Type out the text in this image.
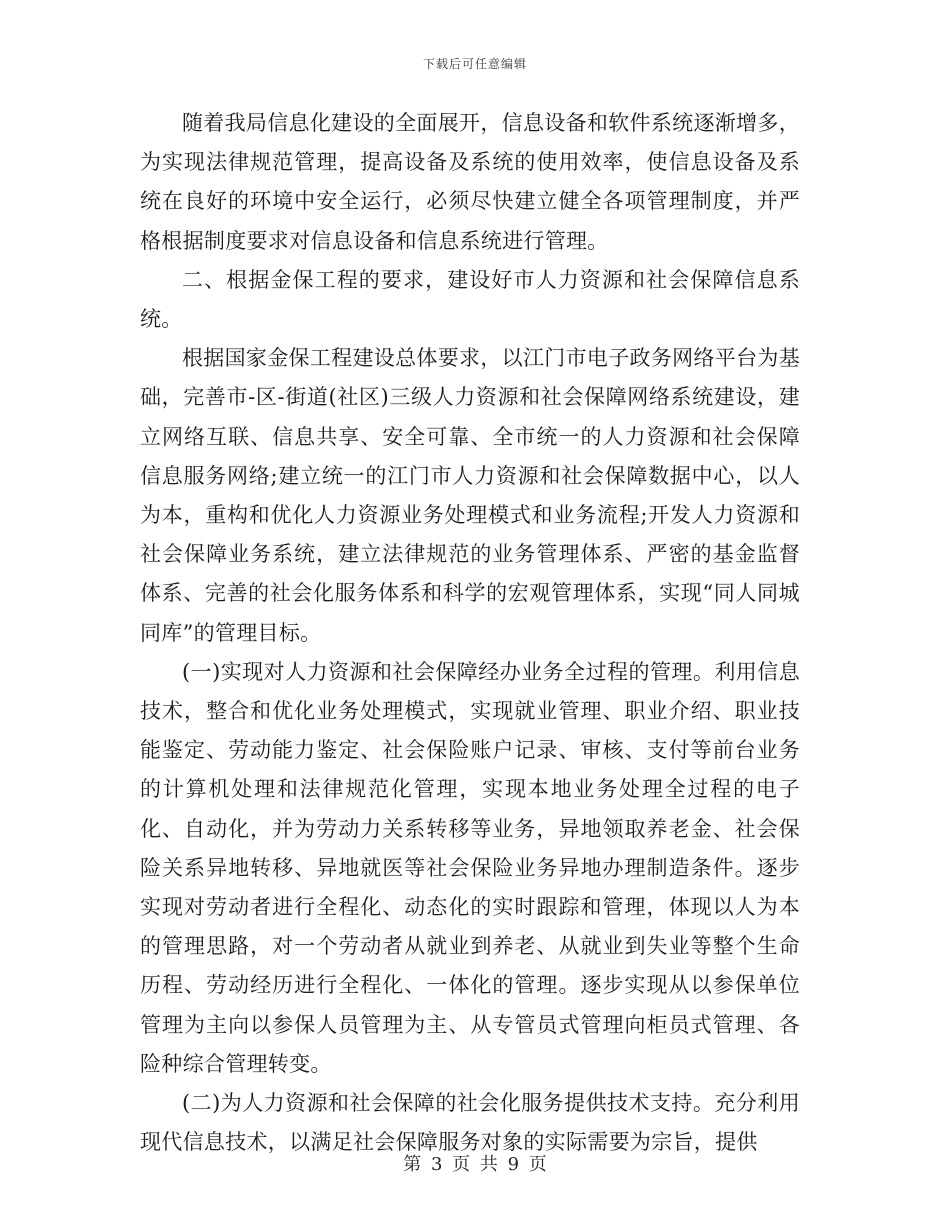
下载后可任意编辑

随着我局信息化建设的全面展开，信息设备和软件系统逐渐增多，为实现法律规范管理，提高设备及系统的使用效率，使信息设备及系统在良好的环境中安全运行，必须尽快建立健全各项管理制度，并严格根据制度要求对信息设备和信息系统进行管理。

二、根据金保工程的要求，建设好市人力资源和社会保障信息系统。

根据国家金保工程建设总体要求，以江门市电子政务网络平台为基础，完善市-区-街道(社区)三级人力资源和社会保障网络系统建设，建立网络互联、信息共享、安全可靠、全市统一的人力资源和社会保障信息服务网络;建立统一的江门市人力资源和社会保障数据中心，以人为本，重构和优化人力资源业务处理模式和业务流程;开发人力资源和社会保障业务系统，建立法律规范的业务管理体系、严密的基金监督体系、完善的社会化服务体系和科学的宏观管理体系，实现“同人同城同库”的管理目标。

(一)实现对人力资源和社会保障经办业务全过程的管理。利用信息技术，整合和优化业务处理模式，实现就业管理、职业介绍、职业技能鉴定、劳动能力鉴定、社会保险账户记录、审核、支付等前台业务的计算机处理和法律规范化管理，实现本地业务处理全过程的电子化、自动化，并为劳动力关系转移等业务，异地领取养老金、社会保险关系异地转移、异地就医等社会保险业务异地办理制造条件。逐步实现对劳动者进行全程化、动态化的实时跟踪和管理，体现以人为本的管理思路，对一个劳动者从就业到养老、从就业到失业等整个生命历程、劳动经历进行全程化、一体化的管理。逐步实现从以参保单位管理为主向以参保人员管理为主、从专管员式管理向柜员式管理、各险种综合管理转变。

(二)为人力资源和社会保障的社会化服务提供技术支持。充分利用现代信息技术，以满足社会保障服务对象的实际需要为宗旨，提供

第 3 页 共 9 页
